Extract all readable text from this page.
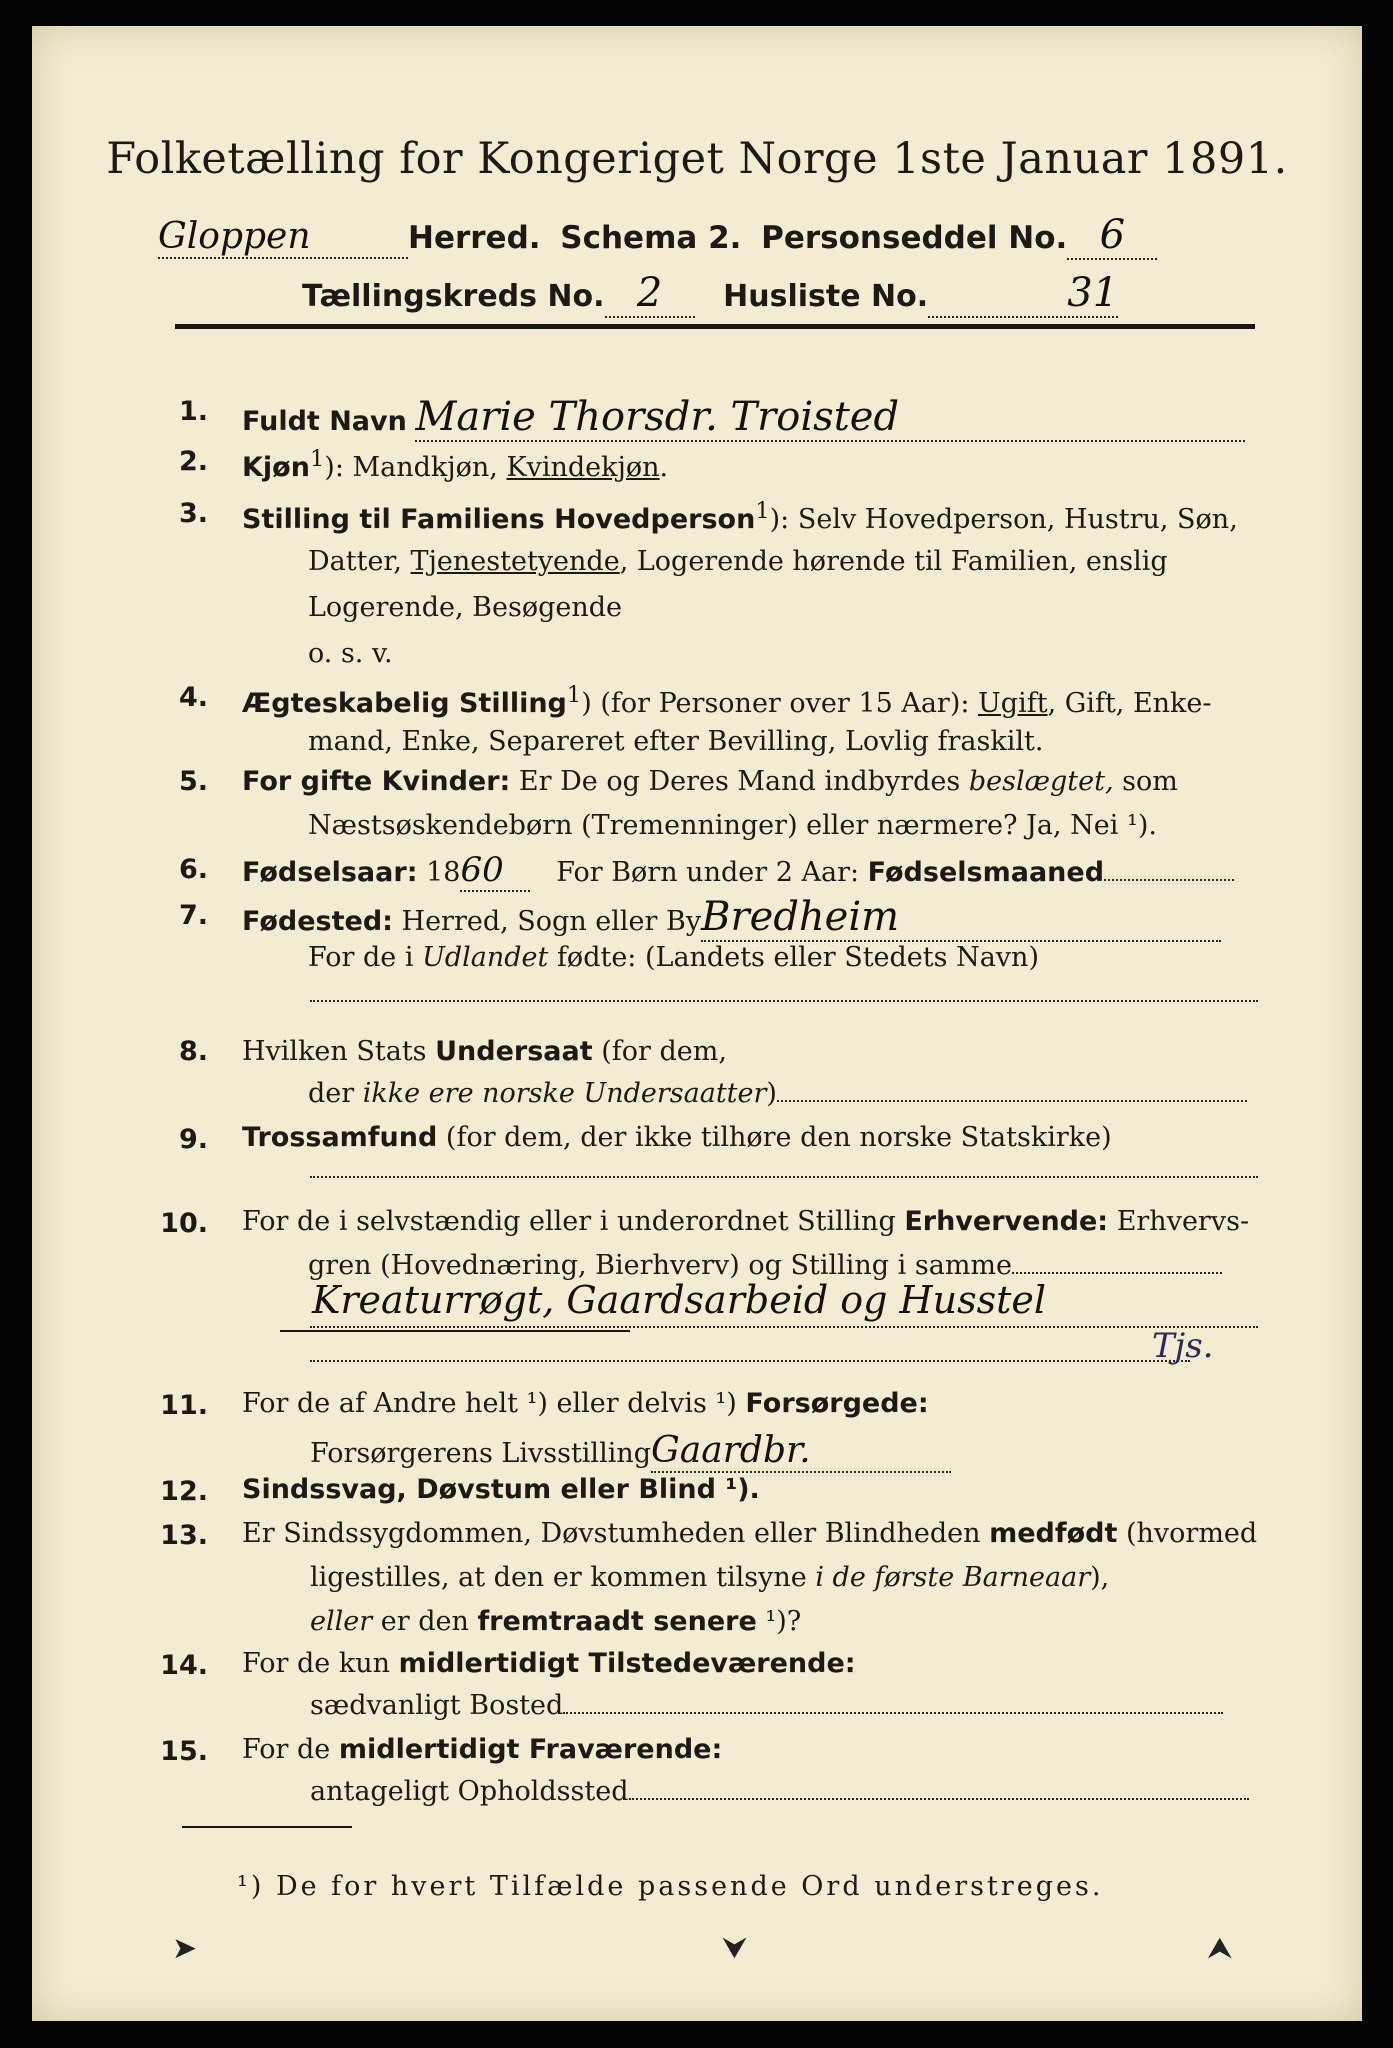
Folketælling for Kongeriget Norge 1ste Januar 1891.
Gloppen	Herred. Schema 2. Personseddel No. 6
Tællingskreds No. 2 Husliste No.	31
1. Fuldt Navn Marie Thorsdr. Troisted
2. Kjøn$^1$): Mandkjøn, Kvindekjøn.
3. Stilling til Familiens Hovedperson$^1$): Selv Hovedperson, Hustru, Søn,
Datter, Tjenestetyende, Logerende hørende til Familien, enslig
Logerende, Besøgende
o. s. v.
4. Ægteskabelig Stilling$^1$) (for Personer over 15 Aar): Ugift, Gift, Enke-
mand, Enke, Separeret efter Bevilling, Lovlig fraskilt.
5. For gifte Kvinder: Er De og Deres Mand indbyrdes beslægtet, som
Næstsøskendebørn (Tremenninger) eller nærmere? Ja, Nei ¹).
6. Fødselsaar: 1860 For Børn under 2 Aar: Fødselsmaaned
7. Fødested: Herred, Sogn eller ByBredheim
For de i Udlandet fødte: (Landets eller Stedets Navn)
8. Hvilken Stats Undersaat (for dem,
der ikke ere norske Undersaatter)
9. Trossamfund (for dem, der ikke tilhøre den norske Statskirke)
10. For de i selvstændig eller i underordnet Stilling Erhvervende: Erhvervs-
gren (Hovednæring, Bierhverv) og Stilling i samme
Kreaturrøgt, Gaardsarbeid og Husstel
Tjs.
11. For de af Andre helt ¹) eller delvis ¹) Forsørgede:
Forsørgerens LivsstillingGaardbr.
12. Sindssvag, Døvstum eller Blind ¹).
13. Er Sindssygdommen, Døvstumheden eller Blindheden medfødt (hvormed
ligestilles, at den er kommen tilsyne i de første Barneaar),
eller er den fremtraadt senere ¹)?
14. For de kun midlertidigt Tilstedeværende:
sædvanligt Bosted
15. For de midlertidigt Fraværende:
antageligt Opholdssted
¹) De for hvert Tilfælde passende Ord understreges.
➤	⮟	⮝
